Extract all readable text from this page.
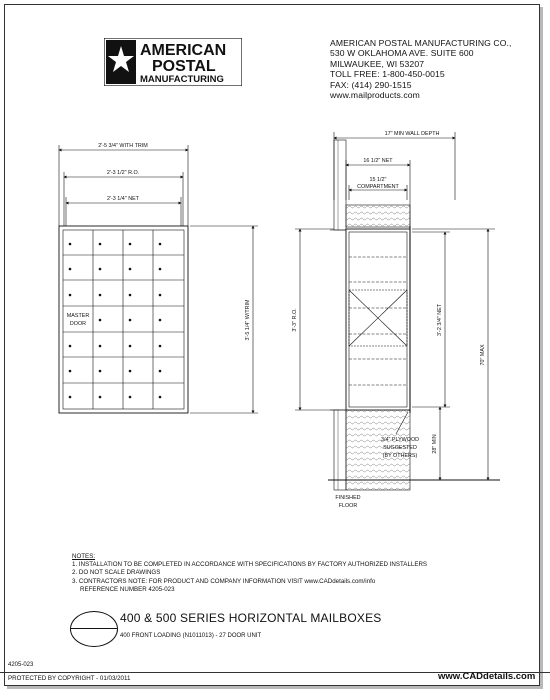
AMERICAN
POSTAL
MANUFACTURING
AMERICAN POSTAL MANUFACTURING CO.,
530 W OKLAHOMA AVE. SUITE 600
MILWAUKEE, WI 53207
TOLL FREE: 1-800-450-0015
FAX: (414) 290-1515
www.mailproducts.com
2'-5 3/4" WITH TRIM
2'-3 1/2" R.O.
2'-3 1/4" NET
MASTER
DOOR	3'-5 1/4" W/TRIM	3'-3" R.O.
17" MIN WALL DEPTH
16 1/2" NET
15 1/2"
COMPARTMENT
3'-2 3/4" NET
70" MAX
28" MIN
3/4" PLYWOOD
SUGGESTED
(BY OTHERS)
FINISHED
FLOOR
NOTES:
1. INSTALLATION TO BE COMPLETED IN ACCORDANCE WITH SPECIFICATIONS BY FACTORY AUTHORIZED INSTALLERS
2. DO NOT SCALE DRAWINGS
3. CONTRACTORS NOTE: FOR PRODUCT AND COMPANY INFORMATION VISIT www.CADdetails.com/info
REFERENCE NUMBER 4205-023
400 & 500 SERIES HORIZONTAL MAILBOXES
400 FRONT LOADING (N1011013) - 27 DOOR UNIT
4205-023
PROTECTED BY COPYRIGHT - 01/03/2011	www.CADdetails.com
